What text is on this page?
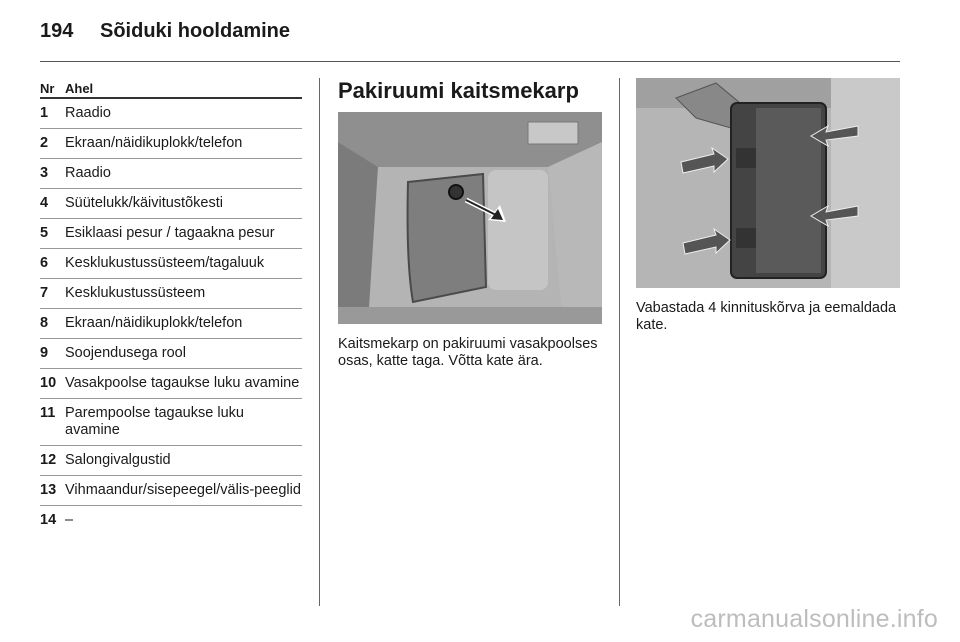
194 Sõiduki hooldamine
Nr Ahel
1 Raadio
2 Ekraan/näidikuplokk/telefon
3 Raadio
4 Süütelukk/käivitustõkesti
5 Esiklaasi pesur / tagaakna pesur
6 Kesklukustussüsteem/tagaluuk
7 Kesklukustussüsteem
8 Ekraan/näidikuplokk/telefon
9 Soojendusega rool
10 Vasakpoolse tagaukse luku avamine
11 Parempoolse tagaukse luku avamine
12 Salongivalgustid
13 Vihmaandur/sisepeegel/välis-peeglid
14 –
Pakiruumi kaitsmekarp
Kaitsmekarp on pakiruumi vasakpoolses osas, katte taga. Võtta kate ära.
Vabastada 4 kinnituskõrva ja eemaldada kate.
carmanualsonline.info
